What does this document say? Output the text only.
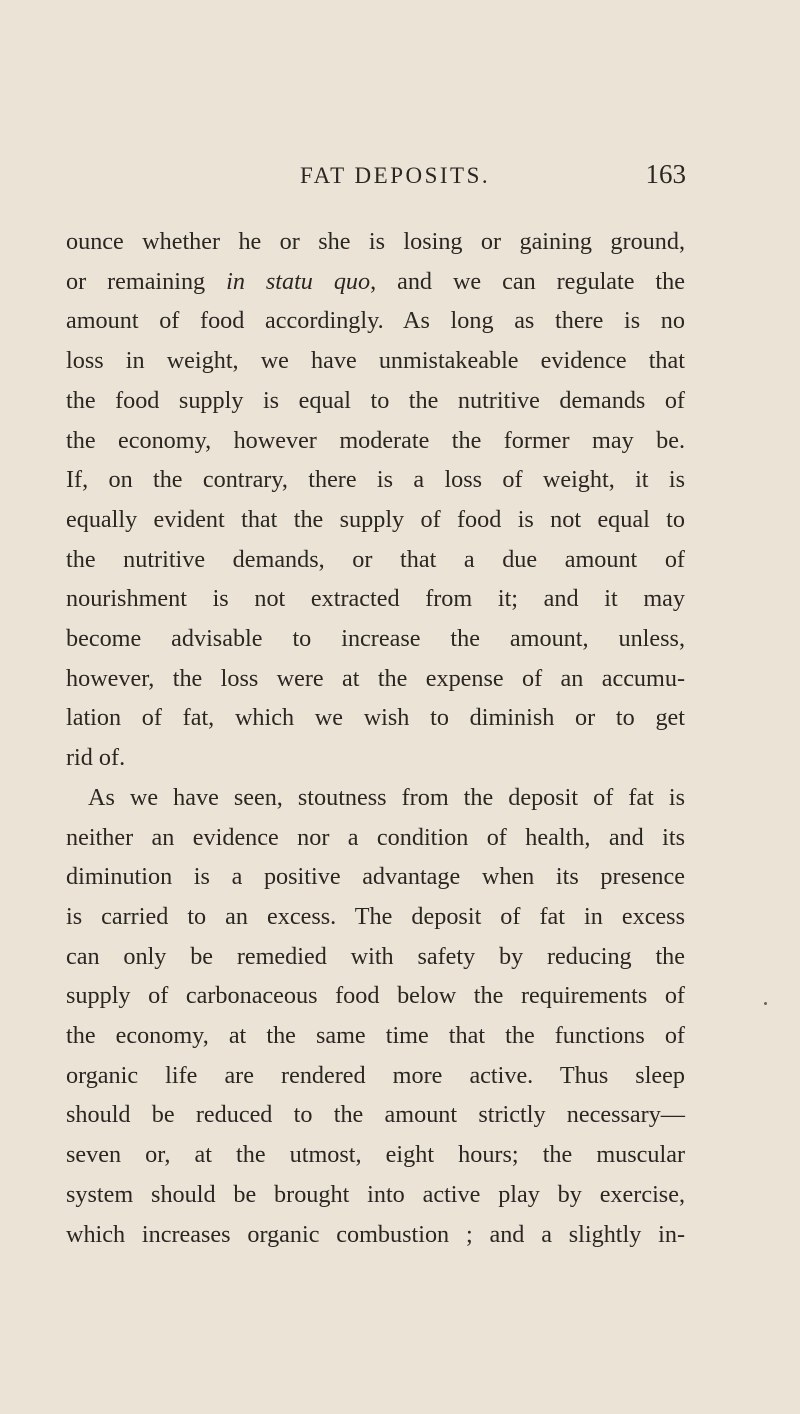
FAT DEPOSITS.	163
ounce whether he or she is losing or gaining ground,
or remaining in statu quo, and we can regulate the
amount of food accordingly. As long as there is no
loss in weight, we have unmistakeable evidence that
the food supply is equal to the nutritive demands of
the economy, however moderate the former may be.
If, on the contrary, there is a loss of weight, it is
equally evident that the supply of food is not equal to
the nutritive demands, or that a due amount of
nourishment is not extracted from it; and it may
become advisable to increase the amount, unless,
however, the loss were at the expense of an accumu-
lation of fat, which we wish to diminish or to get
rid of.
As we have seen, stoutness from the deposit of fat is
neither an evidence nor a condition of health, and its
diminution is a positive advantage when its presence
is carried to an excess. The deposit of fat in excess
can only be remedied with safety by reducing the
supply of carbonaceous food below the requirements of
the economy, at the same time that the functions of
organic life are rendered more active. Thus sleep
should be reduced to the amount strictly necessary—
seven or, at the utmost, eight hours; the muscular
system should be brought into active play by exercise,
which increases organic combustion ; and a slightly in-
